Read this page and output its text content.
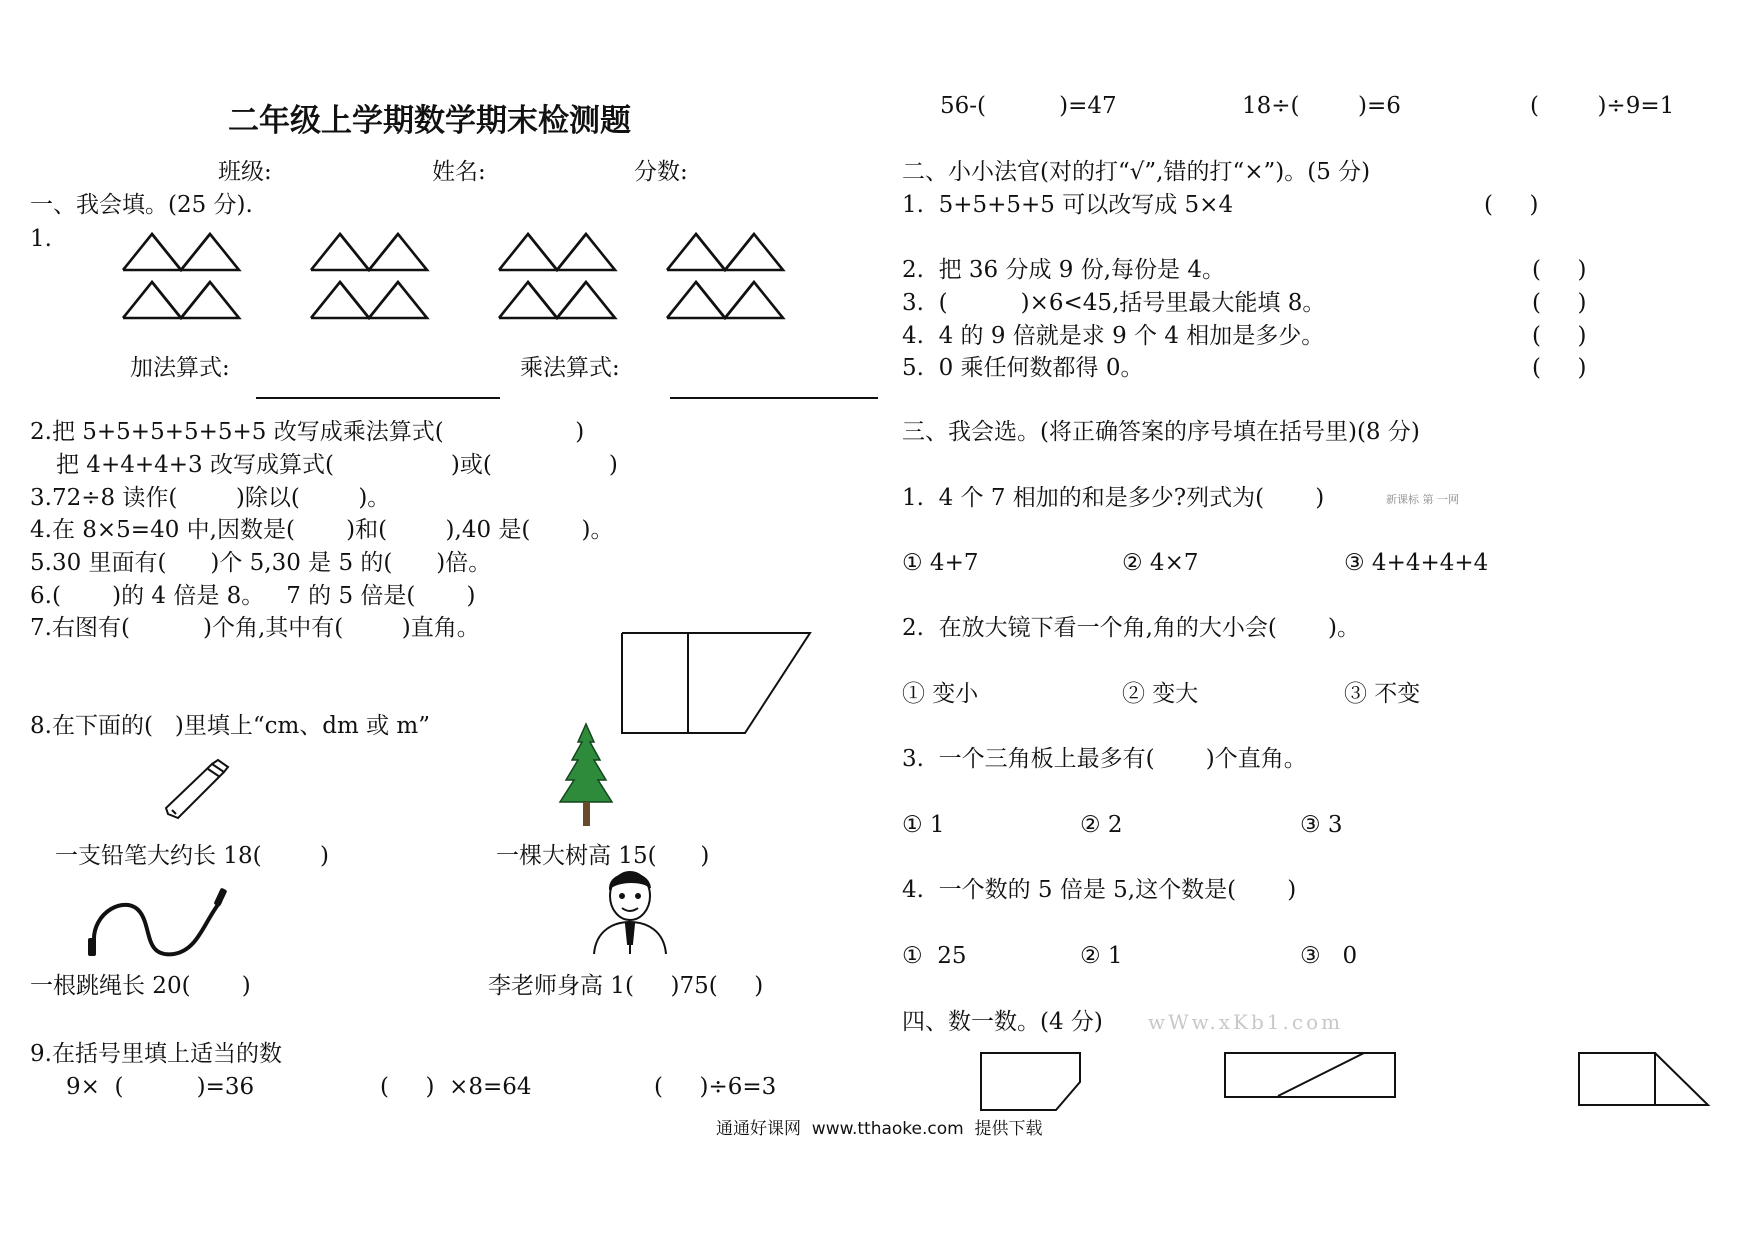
二年级上学期数学期末检测题
班级:	姓名:	分数:
一、我会填。(25 分).
1.
加法算式:	乘法算式:
2.把 5+5+5+5+5+5 改写成乘法算式(                  )
把 4+4+4+3 改写成算式(                )或(                )
3.72÷8 读作(        )除以(        )。
4.在 8×5=40 中,因数是(       )和(        ),40 是(       )。
5.30 里面有(      )个 5,30 是 5 的(      )倍。
6.(       )的 4 倍是 8。   7 的 5 倍是(       )
7.右图有(          )个角,其中有(        )直角。
8.在下面的(   )里填上“cm、dm 或 m”
一支铅笔大约长 18(        )	一棵大树高 15(      )
一根跳绳长 20(       )	李老师身高 1(     )75(     )
9.在括号里填上适当的数
9×  (          )=36	(     )  ×8=64	(     )÷6=3
56-(          )=47	18÷(        )=6	(        )÷9=1
二、小小法官(对的打“√”,错的打“×”)。(5 分)
1.  5+5+5+5 可以改写成 5×4	(     )
2.  把 36 分成 9 份,每份是 4。	(     )
3.  (          )×6<45,括号里最大能填 8。	(     )
4.  4 的 9 倍就是求 9 个 4 相加是多少。	(     )
5.  0 乘任何数都得 0。	(     )
三、我会选。(将正确答案的序号填在括号里)(8 分)
1.  4 个 7 相加的和是多少?列式为(       )	新课标 第 一网
① 4+7	② 4×7	③ 4+4+4+4
2.  在放大镜下看一个角,角的大小会(       )。
① 变小	② 变大	③ 不变
3.  一个三角板上最多有(       )个直角。
① 1	② 2	③ 3
4.  一个数的 5 倍是 5,这个数是(       )
①  25	② 1	③   0
四、数一数。(4 分) wWw.xKb1.com
通通好课网  www.tthaoke.com  提供下载
